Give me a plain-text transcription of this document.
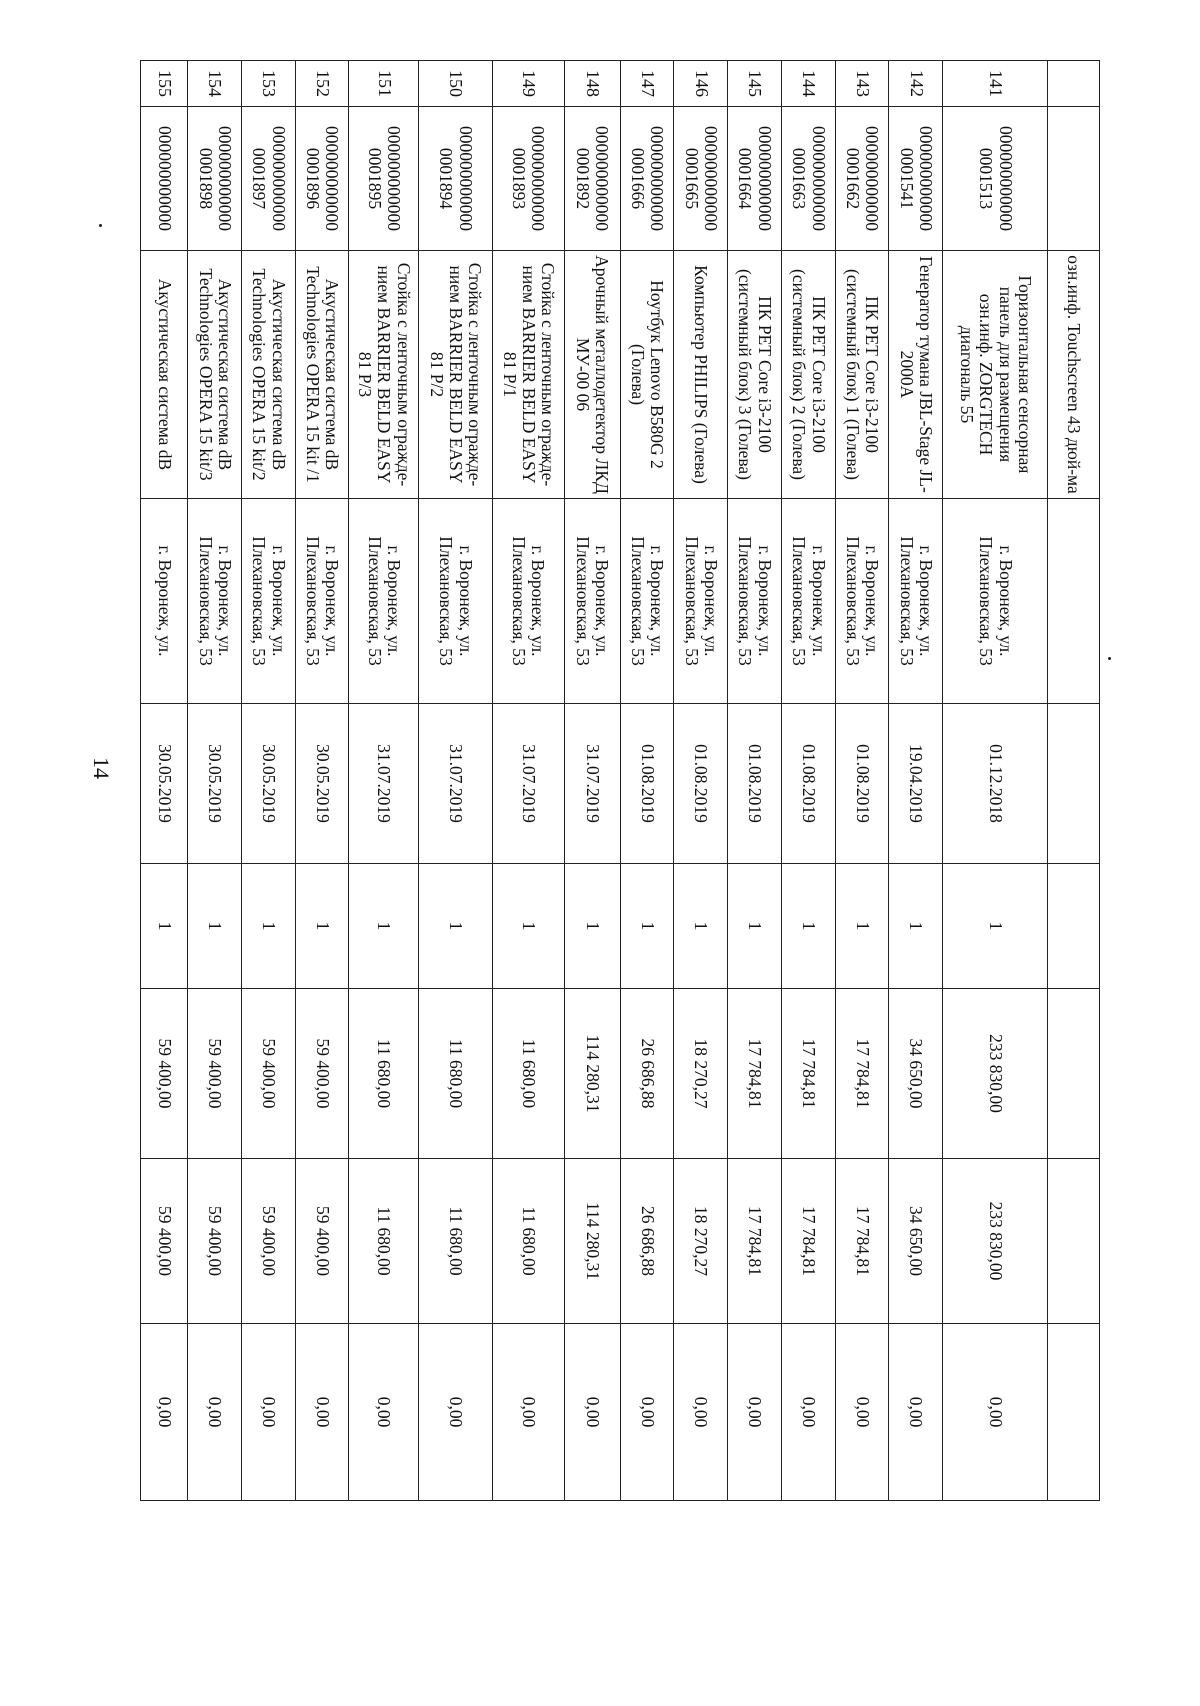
14
		озн.инф. Touchscreen 43 дюй-ма						
141	000000000000 0001513	Горизонтальная сенсорная панель для размещения озн.инф. ZORGTECH диагональ 55	г. Воронеж, ул. Плехановская, 53	01.12.2018	1	233 830,00	233 830,00	0,00
142	000000000000 0001541	Генератор тумана JBL-Stage JL-2000A	г. Воронеж, ул. Плехановская, 53	19.04.2019	1	34 650,00	34 650,00	0,00
143	000000000000 0001662	ПК PET Core i3-2100 (системный блок) 1 (Голева)	г. Воронеж, ул. Плехановская, 53	01.08.2019	1	17 784,81	17 784,81	0,00
144	000000000000 0001663	ПК PET Core i3-2100 (системный блок) 2 (Голева)	г. Воронеж, ул. Плехановская, 53	01.08.2019	1	17 784,81	17 784,81	0,00
145	000000000000 0001664	ПК PET Core i3-2100 (системный блок) 3 (Голева)	г. Воронеж, ул. Плехановская, 53	01.08.2019	1	17 784,81	17 784,81	0,00
146	000000000000 0001665	Компьютер PHILIPS (Голева)	г. Воронеж, ул. Плехановская, 53	01.08.2019	1	18 270,27	18 270,27	0,00
147	000000000000 0001666	Ноутбук Lenovo B580G 2 (Голева)	г. Воронеж, ул. Плехановская, 53	01.08.2019	1	26 686,88	26 686,88	0,00
148	000000000000 0001892	Арочный металлодетектор ЛКД МУ-00 06	г. Воронеж, ул. Плехановская, 53	31.07.2019	1	114 280,31	114 280,31	0,00
149	000000000000 0001893	Стойка с ленточным огражде-нием BARRIER BELD EASY 81 P/1	г. Воронеж, ул. Плехановская, 53	31.07.2019	1	11 680,00	11 680,00	0,00
150	000000000000 0001894	Стойка с ленточным огражде-нием BARRIER BELD EASY 81 P/2	г. Воронеж, ул. Плехановская, 53	31.07.2019	1	11 680,00	11 680,00	0,00
151	000000000000 0001895	Стойка с ленточным огражде-нием BARRIER BELD EASY 81 P/3	г. Воронеж, ул. Плехановская, 53	31.07.2019	1	11 680,00	11 680,00	0,00
152	000000000000 0001896	Акустическая система dB Technologies OPERA 15 kit /1	г. Воронеж, ул. Плехановская, 53	30.05.2019	1	59 400,00	59 400,00	0,00
153	000000000000 0001897	Акустическая система dB Technologies OPERA 15 kit/2	г. Воронеж, ул. Плехановская, 53	30.05.2019	1	59 400,00	59 400,00	0,00
154	000000000000 0001898	Акустическая система dB Technologies OPERA 15 kit/3	г. Воронеж, ул. Плехановская, 53	30.05.2019	1	59 400,00	59 400,00	0,00
155	000000000000	Акустическая система dB	г. Воронеж, ул.	30.05.2019	1	59 400,00	59 400,00	0,00
